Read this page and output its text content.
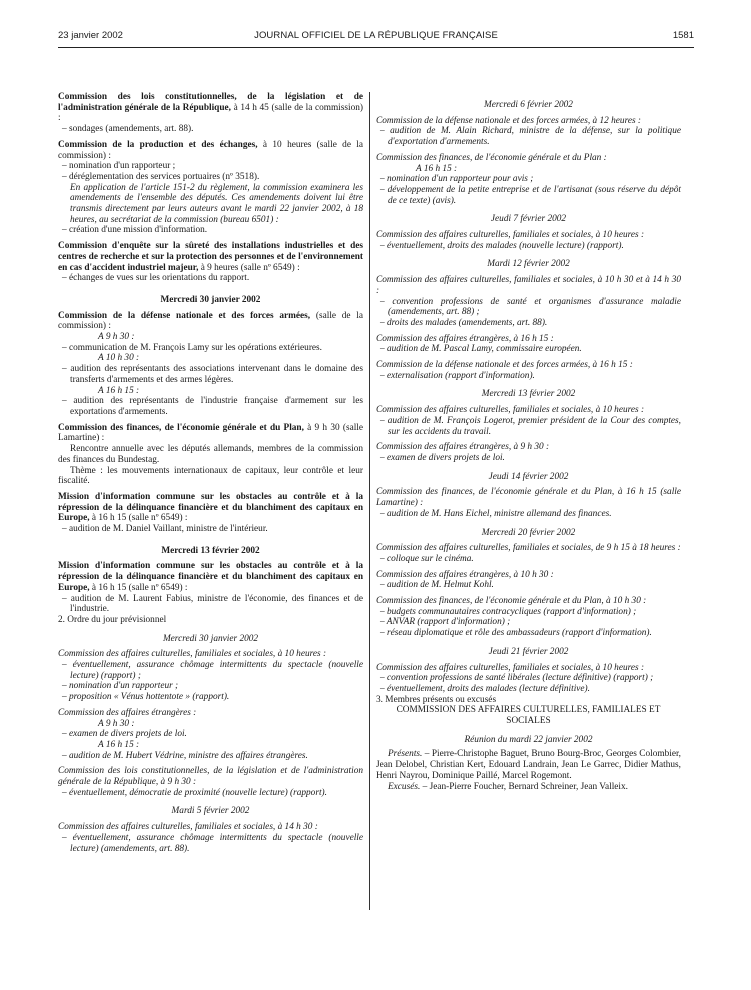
23 janvier 2002	JOURNAL OFFICIEL DE LA RÉPUBLIQUE FRANÇAISE	1581

Commission des lois constitutionnelles, de la législation et de l'administration générale de la République, à 14 h 45 (salle de la commission) :

– sondages (amendements, art. 88).

Commission de la production et des échanges, à 10 heures (salle de la commission) :

– nomination d'un rapporteur ;

– déréglementation des services portuaires (nº 3518).

En application de l'article 151-2 du règlement, la commission examinera les amendements de l'ensemble des députés. Ces amendements doivent lui être transmis directement par leurs auteurs avant le mardi 22 janvier 2002, à 18 heures, au secrétariat de la commission (bureau 6501) :

– création d'une mission d'information.

Commission d'enquête sur la sûreté des installations industrielles et des centres de recherche et sur la protection des personnes et de l'environnement en cas d'accident industriel majeur, à 9 heures (salle nº 6549) :

– échanges de vues sur les orientations du rapport.

Mercredi 30 janvier 2002

Commission de la défense nationale et des forces armées, (salle de la commission) :

A 9 h 30 :

– communication de M. François Lamy sur les opérations extérieures.

A 10 h 30 :

– audition des représentants des associations intervenant dans le domaine des transferts d'armements et des armes légères.

A 16 h 15 :

– audition des représentants de l'industrie française d'armement sur les exportations d'armements.

Commission des finances, de l'économie générale et du Plan, à 9 h 30 (salle Lamartine) :

Rencontre annuelle avec les députés allemands, membres de la commission des finances du Bundestag.

Thème : les mouvements internationaux de capitaux, leur contrôle et leur fiscalité.

Mission d'information commune sur les obstacles au contrôle et à la répression de la délinquance financière et du blanchiment des capitaux en Europe, à 16 h 15 (salle nº 6549) :

– audition de M. Daniel Vaillant, ministre de l'intérieur.

Mercredi 13 février 2002

Mission d'information commune sur les obstacles au contrôle et à la répression de la délinquance financière et du blanchiment des capitaux en Europe, à 16 h 15 (salle nº 6549) :

– audition de M. Laurent Fabius, ministre de l'économie, des finances et de l'industrie.

2. Ordre du jour prévisionnel

Mercredi 30 janvier 2002

Commission des affaires culturelles, familiales et sociales, à 10 heures :

– éventuellement, assurance chômage intermittents du spectacle (nouvelle lecture) (rapport) ;

– nomination d'un rapporteur ;

– proposition « Vénus hottentote » (rapport).

Commission des affaires étrangères :

A 9 h 30 :

– examen de divers projets de loi.

A 16 h 15 :

– audition de M. Hubert Védrine, ministre des affaires étrangères.

Commission des lois constitutionnelles, de la législation et de l'administration générale de la République, à 9 h 30 :

– éventuellement, démocratie de proximité (nouvelle lecture) (rapport).

Mardi 5 février 2002

Commission des affaires culturelles, familiales et sociales, à 14 h 30 :

– éventuellement, assurance chômage intermittents du spectacle (nouvelle lecture) (amendements, art. 88).

Mercredi 6 février 2002

Commission de la défense nationale et des forces armées, à 12 heures :

– audition de M. Alain Richard, ministre de la défense, sur la politique d'exportation d'armements.

Commission des finances, de l'économie générale et du Plan :

A 16 h 15 :

– nomination d'un rapporteur pour avis ;

– développement de la petite entreprise et de l'artisanat (sous réserve du dépôt de ce texte) (avis).

Jeudi 7 février 2002

Commission des affaires culturelles, familiales et sociales, à 10 heures :

– éventuellement, droits des malades (nouvelle lecture) (rapport).

Mardi 12 février 2002

Commission des affaires culturelles, familiales et sociales, à 10 h 30 et à 14 h 30 :

– convention professions de santé et organismes d'assurance maladie (amendements, art. 88) ;

– droits des malades (amendements, art. 88).

Commission des affaires étrangères, à 16 h 15 :

– audition de M. Pascal Lamy, commissaire européen.

Commission de la défense nationale et des forces armées, à 16 h 15 :

– externalisation (rapport d'information).

Mercredi 13 février 2002

Commission des affaires culturelles, familiales et sociales, à 10 heures :

– audition de M. François Logerot, premier président de la Cour des comptes, sur les accidents du travail.

Commission des affaires étrangères, à 9 h 30 :

– examen de divers projets de loi.

Jeudi 14 février 2002

Commission des finances, de l'économie générale et du Plan, à 16 h 15 (salle Lamartine) :

– audition de M. Hans Eichel, ministre allemand des finances.

Mercredi 20 février 2002

Commission des affaires culturelles, familiales et sociales, de 9 h 15 à 18 heures :

– colloque sur le cinéma.

Commission des affaires étrangères, à 10 h 30 :

– audition de M. Helmut Kohl.

Commission des finances, de l'économie générale et du Plan, à 10 h 30 :

– budgets communautaires contracycliques (rapport d'information) ;

– ANVAR (rapport d'information) ;

– réseau diplomatique et rôle des ambassadeurs (rapport d'information).

Jeudi 21 février 2002

Commission des affaires culturelles, familiales et sociales, à 10 heures :

– convention professions de santé libérales (lecture définitive) (rapport) ;

– éventuellement, droits des malades (lecture définitive).

3. Membres présents ou excusés

COMMISSION DES AFFAIRES CULTURELLES, FAMILIALES ET SOCIALES

Réunion du mardi 22 janvier 2002

Présents. – Pierre-Christophe Baguet, Bruno Bourg-Broc, Georges Colombier, Jean Delobel, Christian Kert, Edouard Landrain, Jean Le Garrec, Didier Mathus, Henri Nayrou, Dominique Paillé, Marcel Rogemont.

Excusés. – Jean-Pierre Foucher, Bernard Schreiner, Jean Valleix.
